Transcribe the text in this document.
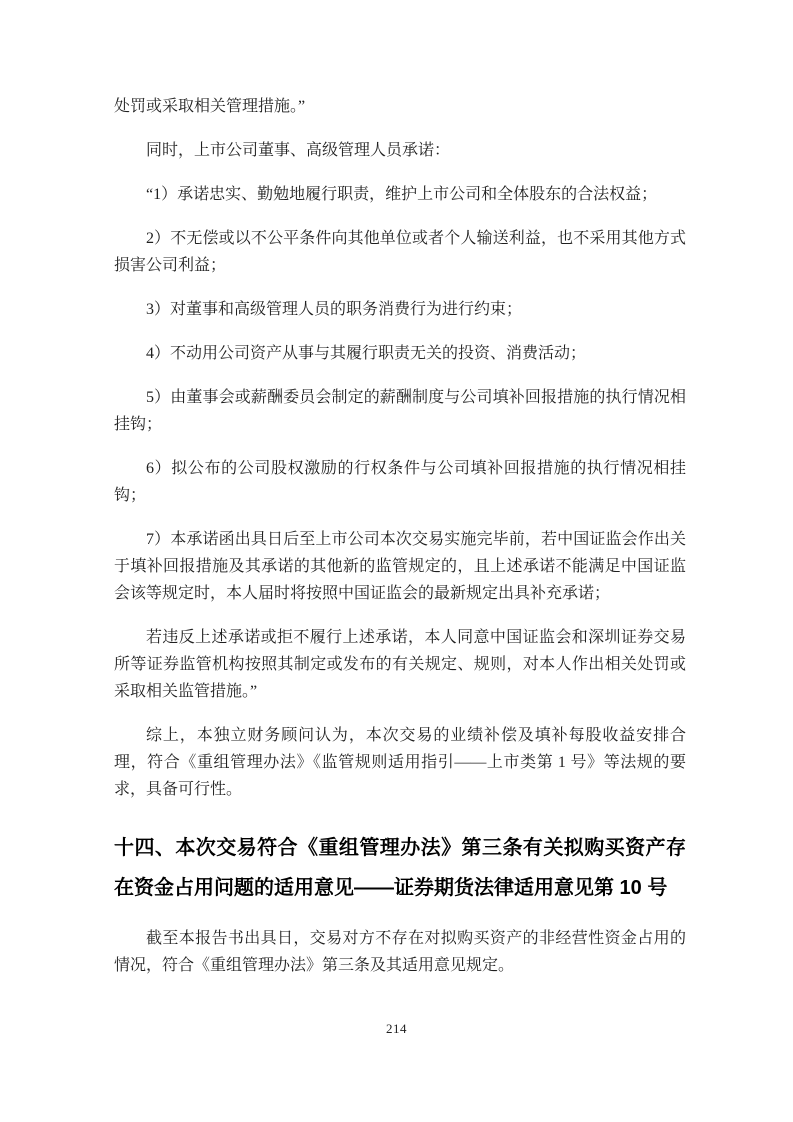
处罚或采取相关管理措施。”

同时，上市公司董事、高级管理人员承诺：

“1）承诺忠实、勤勉地履行职责，维护上市公司和全体股东的合法权益；

2）不无偿或以不公平条件向其他单位或者个人输送利益，也不采用其他方式损害公司利益；

3）对董事和高级管理人员的职务消费行为进行约束；

4）不动用公司资产从事与其履行职责无关的投资、消费活动；

5）由董事会或薪酬委员会制定的薪酬制度与公司填补回报措施的执行情况相挂钩；

6）拟公布的公司股权激励的行权条件与公司填补回报措施的执行情况相挂钩；

7）本承诺函出具日后至上市公司本次交易实施完毕前，若中国证监会作出关于填补回报措施及其承诺的其他新的监管规定的，且上述承诺不能满足中国证监会该等规定时，本人届时将按照中国证监会的最新规定出具补充承诺；

若违反上述承诺或拒不履行上述承诺，本人同意中国证监会和深圳证券交易所等证券监管机构按照其制定或发布的有关规定、规则，对本人作出相关处罚或采取相关监管措施。”

综上，本独立财务顾问认为，本次交易的业绩补偿及填补每股收益安排合理，符合《重组管理办法》《监管规则适用指引——上市类第 1 号》等法规的要求，具备可行性。

十四、本次交易符合《重组管理办法》第三条有关拟购买资产存在资金占用问题的适用意见——证券期货法律适用意见第 10 号

截至本报告书出具日，交易对方不存在对拟购买资产的非经营性资金占用的情况，符合《重组管理办法》第三条及其适用意见规定。

214
